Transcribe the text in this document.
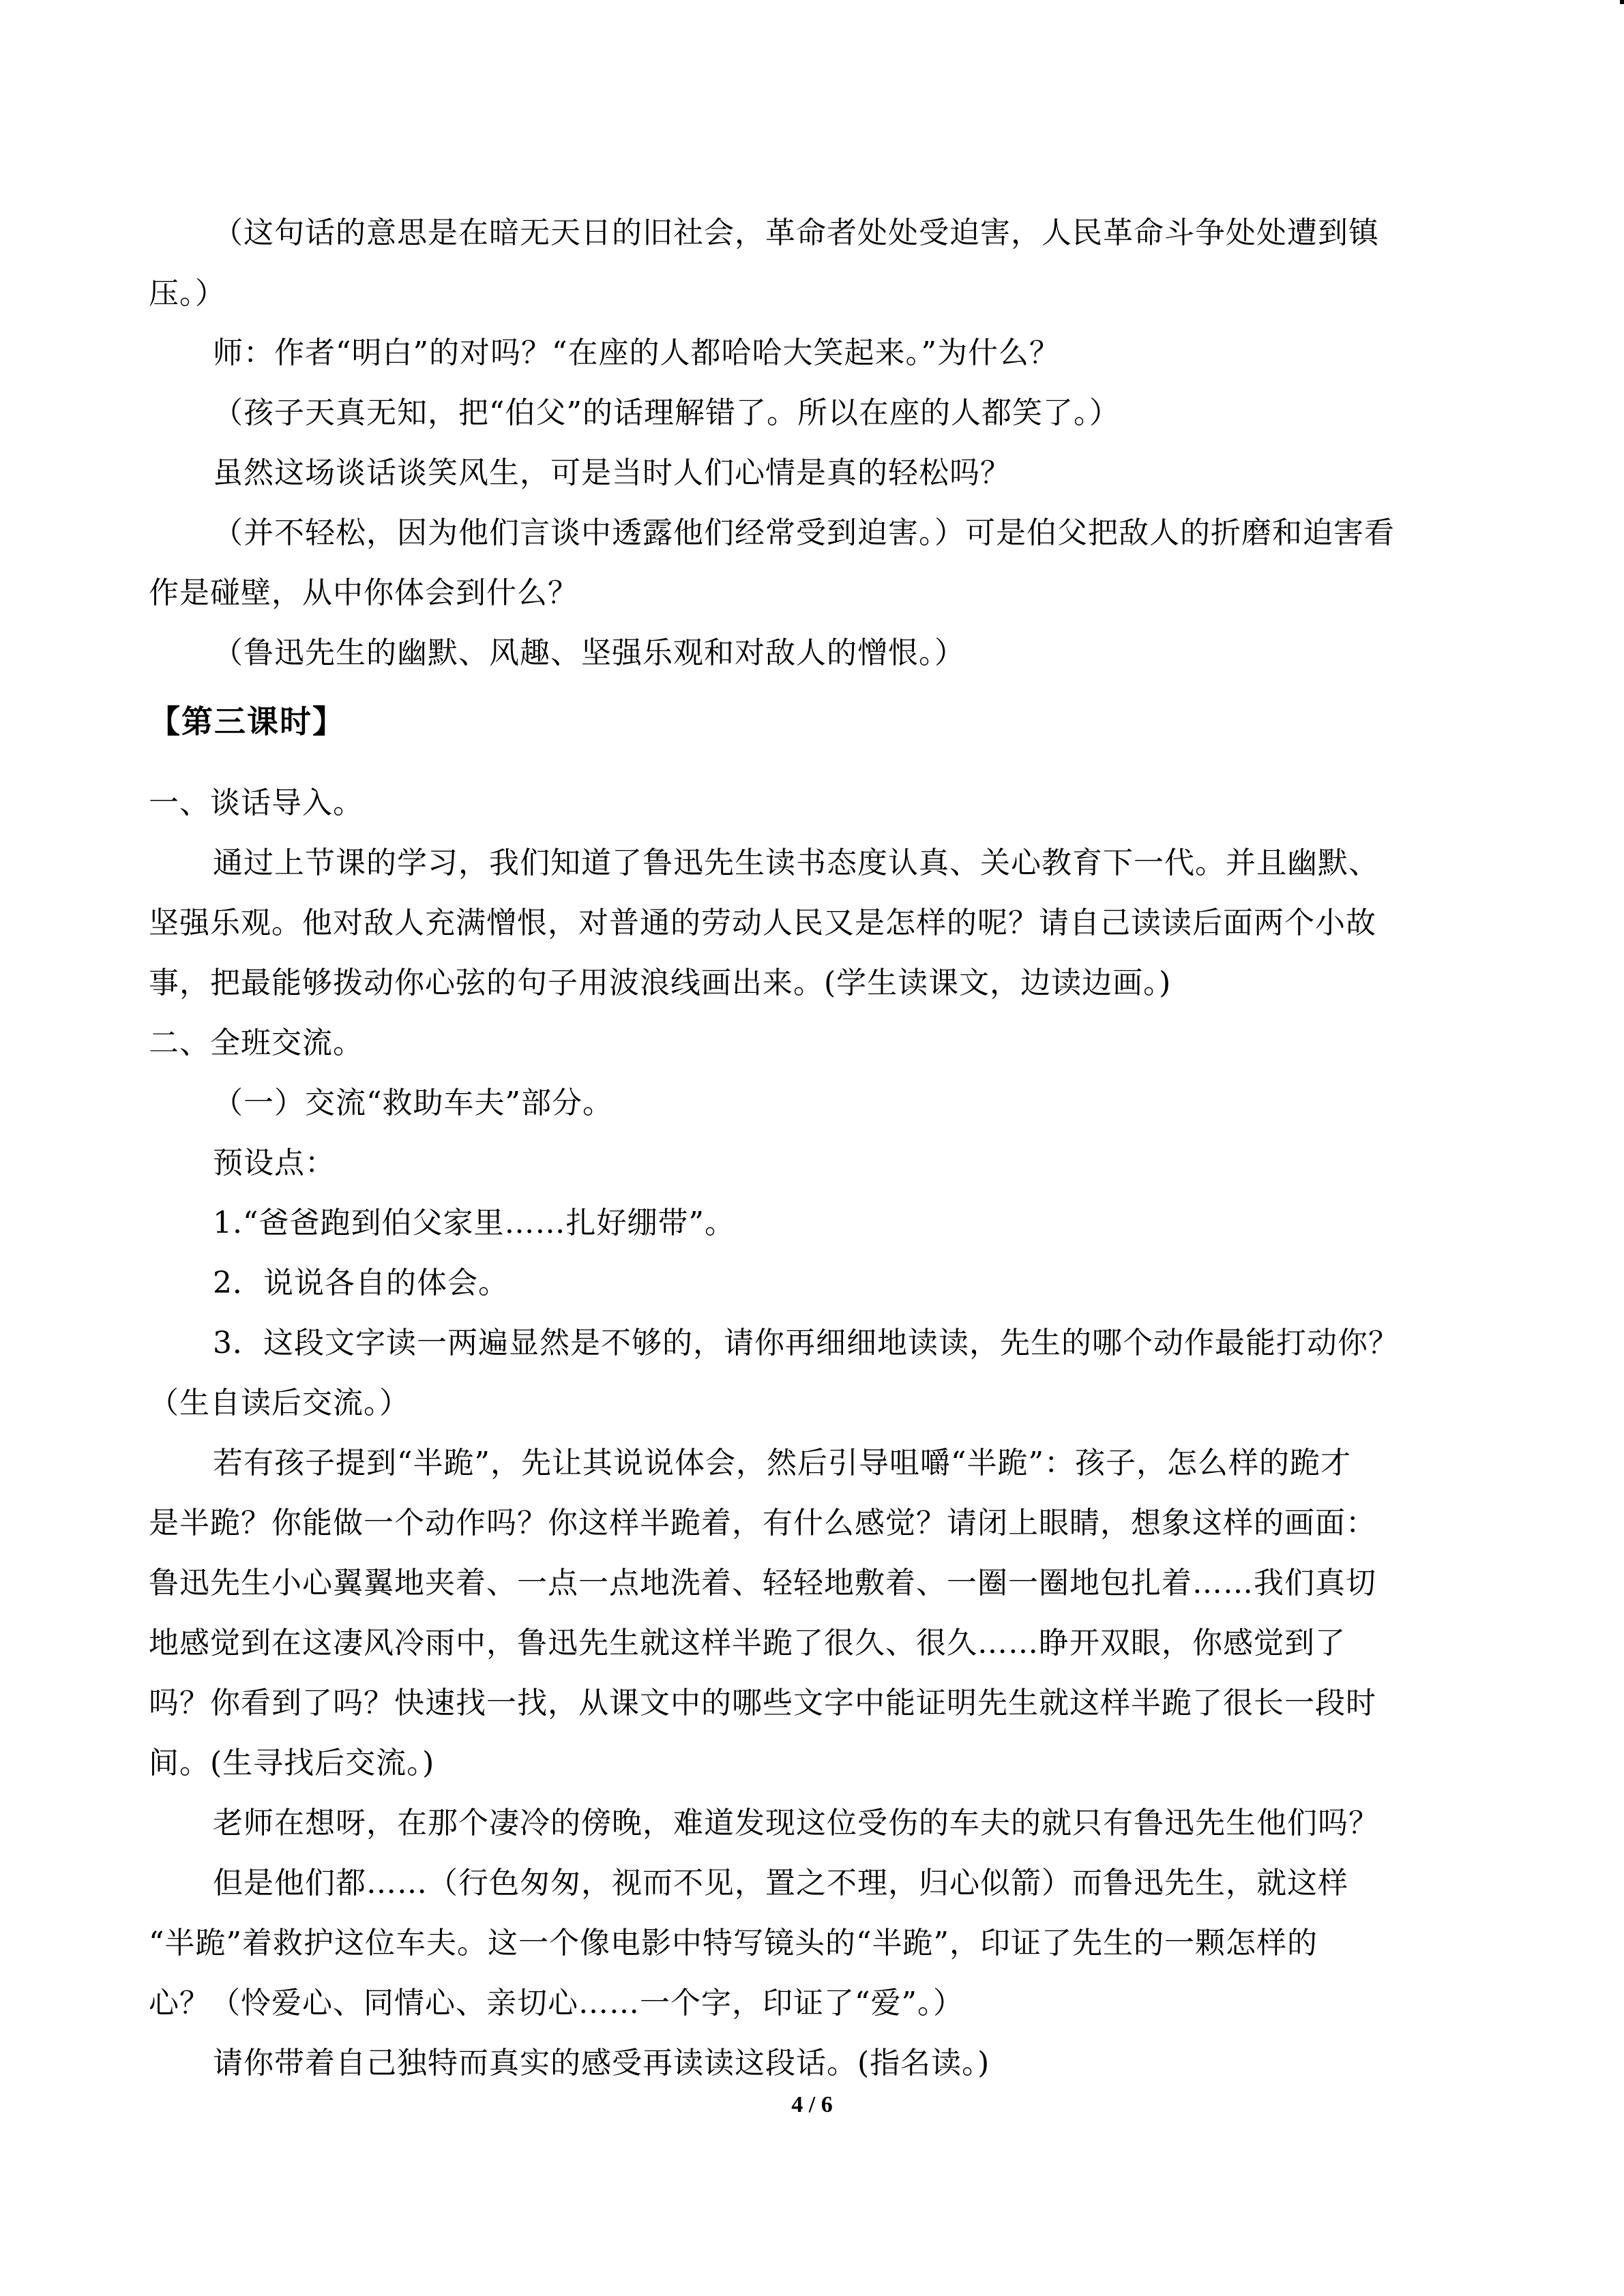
（这句话的意思是在暗无天日的旧社会，革命者处处受迫害，人民革命斗争处处遭到镇
压。）
师：作者“明白”的对吗？“在座的人都哈哈大笑起来。”为什么？
（孩子天真无知，把“伯父”的话理解错了。所以在座的人都笑了。）
虽然这场谈话谈笑风生，可是当时人们心情是真的轻松吗？
（并不轻松，因为他们言谈中透露他们经常受到迫害。）可是伯父把敌人的折磨和迫害看
作是碰壁，从中你体会到什么？
（鲁迅先生的幽默、风趣、坚强乐观和对敌人的憎恨。）
【第三课时】
一、谈话导入。
通过上节课的学习，我们知道了鲁迅先生读书态度认真、关心教育下一代。并且幽默、
坚强乐观。他对敌人充满憎恨，对普通的劳动人民又是怎样的呢？请自己读读后面两个小故
事，把最能够拨动你心弦的句子用波浪线画出来。(学生读课文，边读边画。)
二、全班交流。
（一）交流“救助车夫”部分。
预设点：
1.“爸爸跑到伯父家里……扎好绷带”。
2．说说各自的体会。
3．这段文字读一两遍显然是不够的，请你再细细地读读，先生的哪个动作最能打动你？
（生自读后交流。）
若有孩子提到“半跪”，先让其说说体会，然后引导咀嚼“半跪”：孩子，怎么样的跪才
是半跪？你能做一个动作吗？你这样半跪着，有什么感觉？请闭上眼睛，想象这样的画面：
鲁迅先生小心翼翼地夹着、一点一点地洗着、轻轻地敷着、一圈一圈地包扎着……我们真切
地感觉到在这凄风冷雨中，鲁迅先生就这样半跪了很久、很久……睁开双眼，你感觉到了
吗？你看到了吗？快速找一找，从课文中的哪些文字中能证明先生就这样半跪了很长一段时
间。(生寻找后交流。)
老师在想呀，在那个凄冷的傍晚，难道发现这位受伤的车夫的就只有鲁迅先生他们吗？
但是他们都……（行色匆匆，视而不见，置之不理，归心似箭）而鲁迅先生，就这样
“半跪”着救护这位车夫。这一个像电影中特写镜头的“半跪”，印证了先生的一颗怎样的
心？（怜爱心、同情心、亲切心……一个字，印证了“爱”。）
请你带着自己独特而真实的感受再读读这段话。(指名读。)
4 / 6
